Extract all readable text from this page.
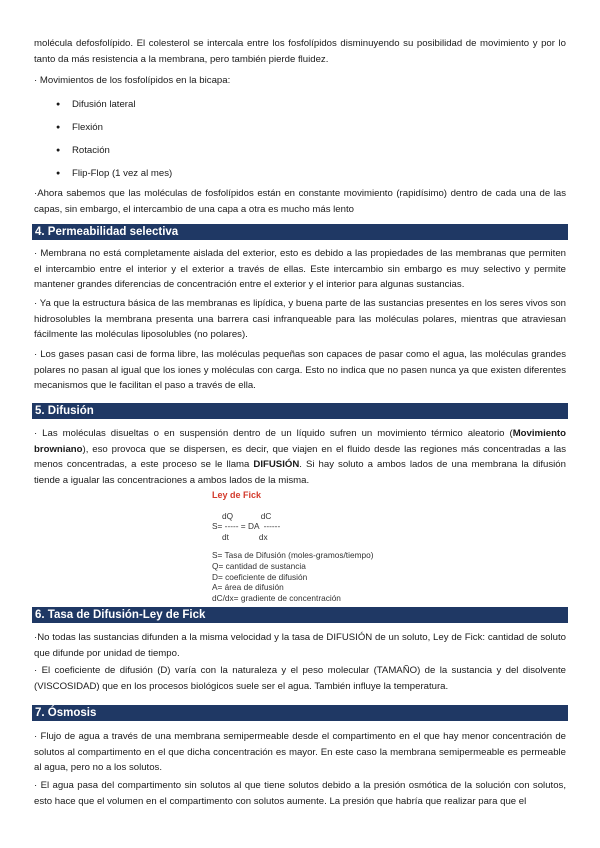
molécula defosfolípido. El colesterol se intercala entre los fosfolípidos disminuyendo su posibilidad de movimiento y por lo tanto da más resistencia a la membrana, pero también pierde fluidez.

· Movimientos de los fosfolípidos en la bicapa:

● Difusión lateral
● Flexión
● Rotación
● Flip-Flop (1 vez al mes)

·Ahora sabemos que las moléculas de fosfolípidos están en constante movimiento (rapidísimo) dentro de cada una de las capas, sin embargo, el intercambio de una capa a otra es mucho más lento

4. Permeabilidad selectiva

· Membrana no está completamente aislada del exterior, esto es debido a las propiedades de las membranas que permiten el intercambio entre el interior y el exterior a través de ellas. Este intercambio sin embargo es muy selectivo y permite mantener grandes diferencias de concentración entre el exterior y el interior para algunas sustancias.

· Ya que la estructura básica de las membranas es lipídica, y buena parte de las sustancias presentes en los seres vivos son hidrosolubles la membrana presenta una barrera casi infranqueable para las moléculas polares, mientras que atraviesan fácilmente las moléculas liposolubles (no polares).

· Los gases pasan casi de forma libre, las moléculas pequeñas son capaces de pasar como el agua, las moléculas grandes polares no pasan al igual que los iones y moléculas con carga. Esto no indica que no pasen nunca ya que existen diferentes mecanismos que le facilitan el paso a través de ella.

5. Difusión

· Las moléculas disueltas o en suspensión dentro de un líquido sufren un movimiento térmico aleatorio (Movimiento browniano), eso provoca que se dispersen, es decir, que viajen en el fluido desde las regiones más concentradas a las menos concentradas, a este proceso se le llama DIFUSIÓN. Si hay soluto a ambos lados de una membrana la difusión tiende a igualar las concentraciones a ambos lados de la misma.

Ley de Fick
dQ            dC
S= ----- = DA  ------
dt             dx
S= Tasa de Difusión (moles-gramos/tiempo)
Q= cantidad de sustancia
D= coeficiente de difusión
A= área de difusión
dC/dx= gradiente de concentración
6. Tasa de Difusión-Ley de Fick

·No todas las sustancias difunden a la misma velocidad y la tasa de DIFUSIÓN de un soluto, Ley de Fick: cantidad de soluto que difunde por unidad de tiempo.

· El coeficiente de difusión (D) varía con la naturaleza y el peso molecular (TAMAÑO) de la sustancia y del disolvente (VISCOSIDAD) que en los procesos biológicos suele ser el agua. También influye la temperatura.

7. Ósmosis

· Flujo de agua a través de una membrana semipermeable desde el compartimento en el que hay menor concentración de solutos al compartimento en el que dicha concentración es mayor. En este caso la membrana semipermeable es permeable al agua, pero no a los solutos.

· El agua pasa del compartimento sin solutos al que tiene solutos debido a la presión osmótica de la solución con solutos, esto hace que el volumen en el compartimento con solutos aumente. La presión que habría que realizar para que el
